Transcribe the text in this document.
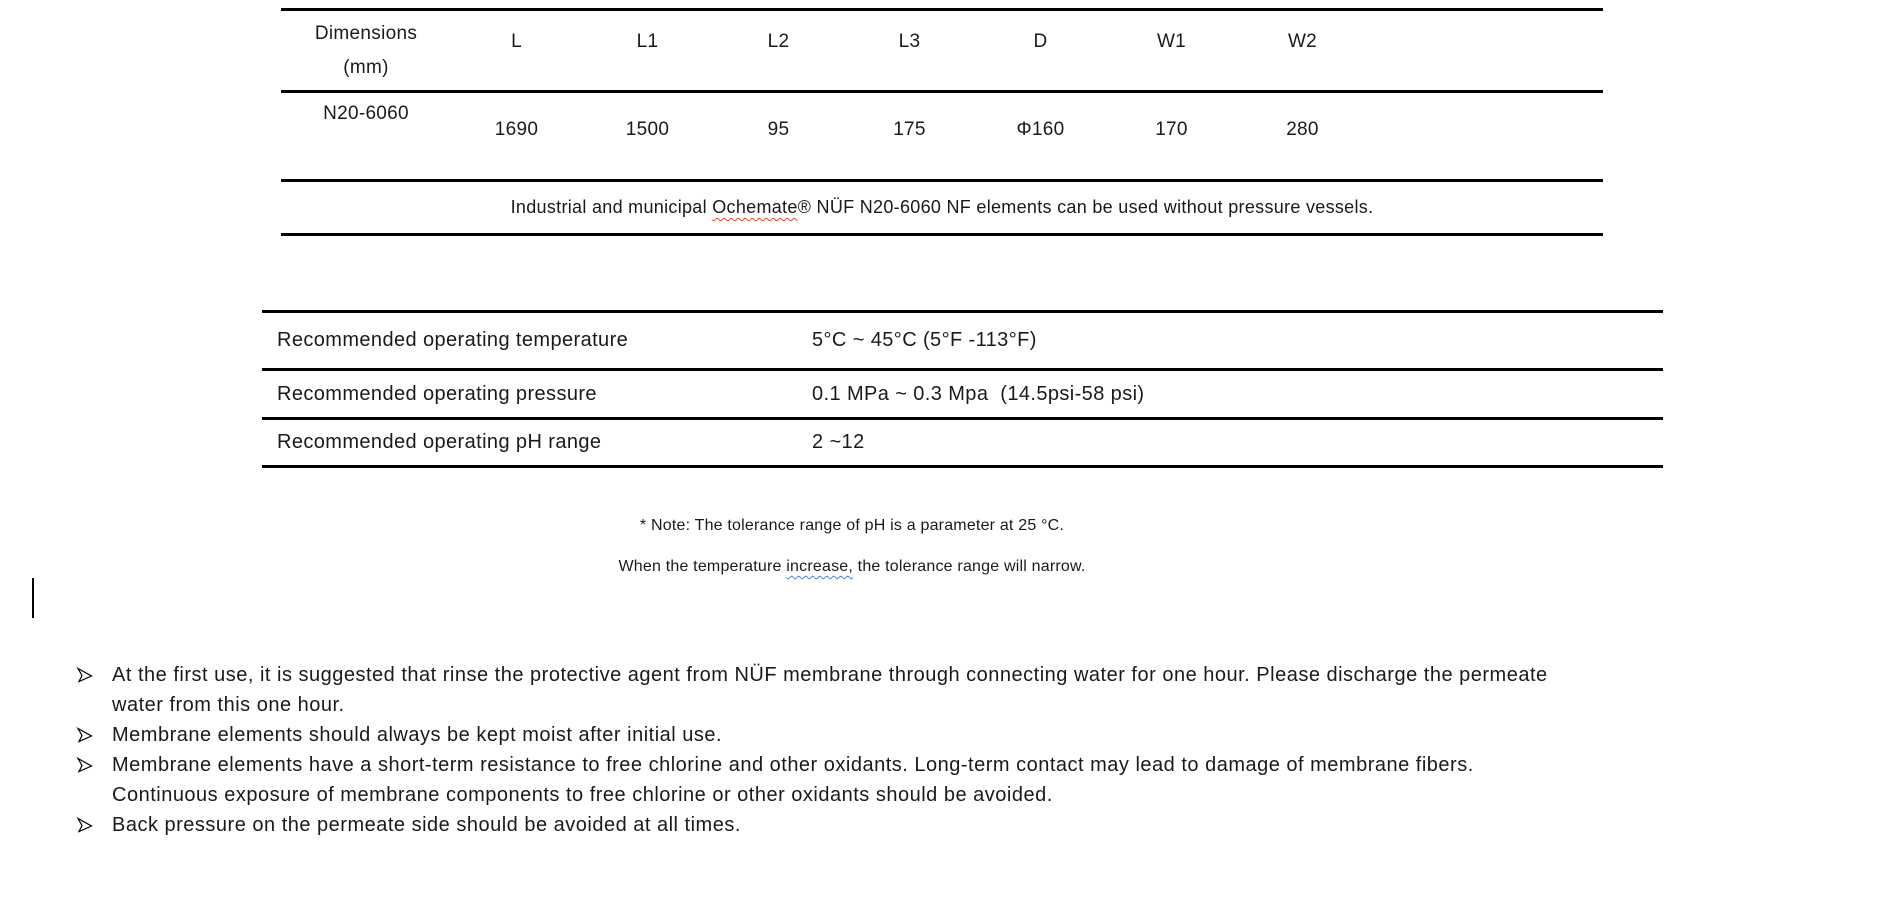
Dimensions
(mm)	L	L1	L2	L3	D	W1	W2	
N20-6060	1690	1500	95	175	Φ160	170	280	
Industrial and municipal Ochemate® NÜF N20-6060 NF elements can be used without pressure vessels.								
Recommended operating temperature	5°C ~ 45°C (5°F -113°F)
Recommended operating pressure	0.1 MPa ~ 0.3 Mpa  (14.5psi-58 psi)
Recommended operating pH range	2 ~12

* Note: The tolerance range of pH is a parameter at 25 °C.

When the temperature increase, the tolerance range will narrow.

At the first use, it is suggested that rinse the protective agent from NÜF membrane through connecting water for one hour. Please discharge the permeate
water from this one hour.
Membrane elements should always be kept moist after initial use.
Membrane elements have a short-term resistance to free chlorine and other oxidants. Long-term contact may lead to damage of membrane fibers.
Continuous exposure of membrane components to free chlorine or other oxidants should be avoided.
Back pressure on the permeate side should be avoided at all times.
